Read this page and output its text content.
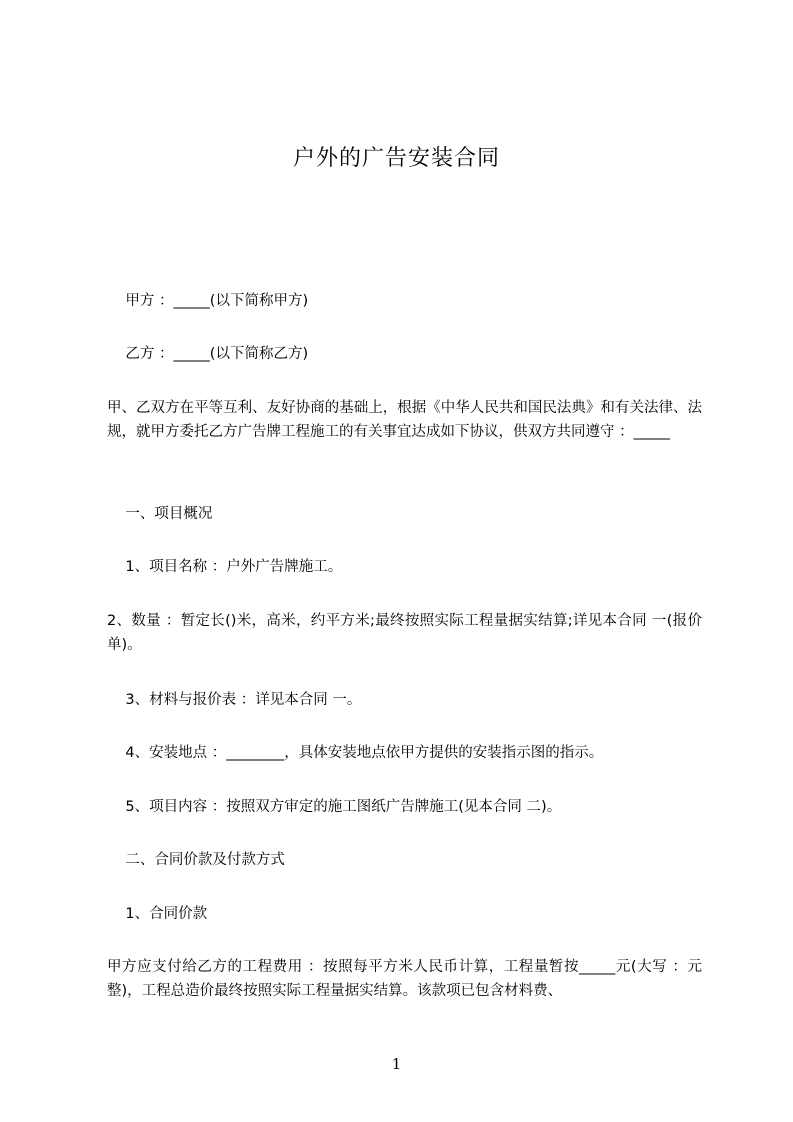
户外的广告安装合同
甲方 ：_____(以下简称甲方)
乙方 ：_____(以下简称乙方)
甲、乙双方在平等互利、友好协商的基础上，根据《中华人民共和国民法典》和有关法律、法规，就甲方委托乙方广告牌工程施工的有关事宜达成如下协议，供双方共同遵守 ：_____
一、项目概况
1、项目名称 ：户外广告牌施工。
2、数量 ：暂定长()米，高米，约平方米;最终按照实际工程量据实结算;详见本合同 一(报价单)。
3、材料与报价表 ：详见本合同 一。
4、安装地点 ：________，具体安装地点依甲方提供的安装指示图的指示。
5、项目内容 ：按照双方审定的施工图纸广告牌施工(见本合同 二)。
二、合同价款及付款方式
1、合同价款
甲方应支付给乙方的工程费用 ：按照每平方米人民币计算，工程量暂按_____元(大写 ：元整)，工程总造价最终按照实际工程量据实结算。该款项已包含材料费、
1
